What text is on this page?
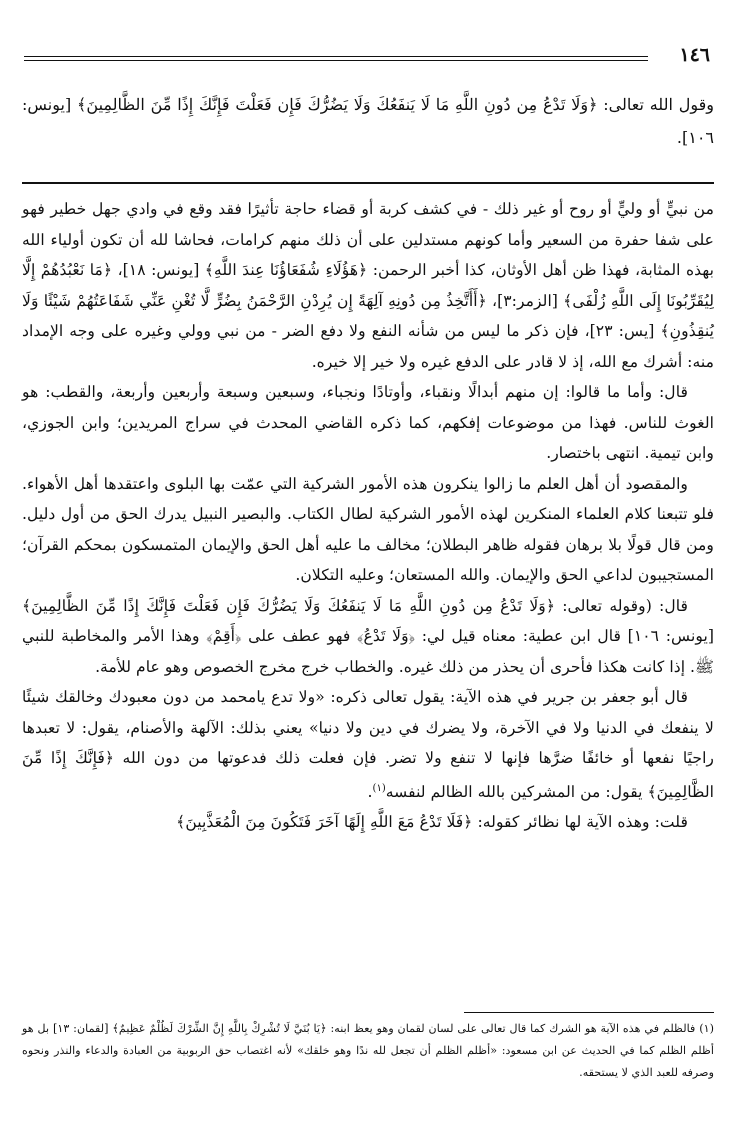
١٤٦
وقول الله تعالى: ﴿وَلَا تَدْعُ مِن دُونِ اللَّهِ مَا لَا يَنفَعُكَ وَلَا يَضُرُّكَ فَإِن فَعَلْتَ فَإِنَّكَ إِذًا مِّنَ الظَّالِمِينَ﴾ [يونس: ١٠٦].

من نبيٍّ أو وليٍّ أو روح أو غير ذلك - في كشف كربة أو قضاء حاجة تأثيرًا فقد وقع في وادي جهل خطير فهو على شفا حفرة من السعير وأما كونهم مستدلين على أن ذلك منهم كرامات، فحاشا لله أن تكون أولياء الله بهذه المثابة، فهذا ظن أهل الأوثان، كذا أخبر الرحمن: ﴿هَؤُلَاءِ شُفَعَاؤُنَا عِندَ اللَّهِ﴾ [يونس: ١٨]، ﴿مَا نَعْبُدُهُمْ إِلَّا لِيُقَرِّبُونَا إِلَى اللَّهِ زُلْفَى﴾ [الزمر:٣]، ﴿أَأَتَّخِذُ مِن دُونِهِ آلِهَةً إِن يُرِدْنِ الرَّحْمَنُ بِضُرٍّ لَّا تُغْنِ عَنِّي شَفَاعَتُهُمْ شَيْئًا وَلَا يُنقِذُونِ﴾ [يس: ٢٣]، فإن ذكر ما ليس من شأنه النفع ولا دفع الضر - من نبي وولي وغيره على وجه الإمداد منه: أشرك مع الله، إذ لا قادر على الدفع غيره ولا خير إلا خيره.

قال: وأما ما قالوا: إن منهم أبدالًا ونقباء، وأوتادًا ونجباء، وسبعين وسبعة وأربعين وأربعة، والقطب: هو الغوث للناس. فهذا من موضوعات إفكهم، كما ذكره القاضي المحدث في سراج المريدين؛ وابن الجوزي، وابن تيمية. انتهى باختصار.

والمقصود أن أهل العلم ما زالوا ينكرون هذه الأمور الشركية التي عمّت بها البلوى واعتقدها أهل الأهواء. فلو تتبعنا كلام العلماء المنكرين لهذه الأمور الشركية لطال الكتاب. والبصير النبيل يدرك الحق من أول دليل. ومن قال قولًا بلا برهان فقوله ظاهر البطلان؛ مخالف ما عليه أهل الحق والإيمان المتمسكون بمحكم القرآن؛ المستجيبون لداعي الحق والإيمان. والله المستعان؛ وعليه التكلان.

قال: (وقوله تعالى: ﴿وَلَا تَدْعُ مِن دُونِ اللَّهِ مَا لَا يَنفَعُكَ وَلَا يَضُرُّكَ فَإِن فَعَلْتَ فَإِنَّكَ إِذًا مِّنَ الظَّالِمِينَ﴾ [يونس: ١٠٦] قال ابن عطية: معناه قيل لي: ﴿وَلَا تَدْعُ﴾ فهو عطف على ﴿أَقِمْ﴾ وهذا الأمر والمخاطبة للنبي ﷺ. إذا كانت هكذا فأحرى أن يحذر من ذلك غيره. والخطاب خرج مخرج الخصوص وهو عام للأمة.

قال أبو جعفر بن جرير في هذه الآية: يقول تعالى ذكره: «ولا تدع يامحمد من دون معبودك وخالقك شيئًا لا ينفعك في الدنيا ولا في الآخرة، ولا يضرك في دين ولا دنيا» يعني بذلك: الآلهة والأصنام، يقول: لا تعبدها راجيًا نفعها أو خائفًا ضرَّها فإنها لا تنفع ولا تضر. فإن فعلت ذلك فدعوتها من دون الله ﴿فَإِنَّكَ إِذًا مِّنَ الظَّالِمِينَ﴾ يقول: من المشركين بالله الظالم لنفسه$^{(١)}$.

قلت: وهذه الآية لها نظائر كقوله: ﴿فَلَا تَدْعُ مَعَ اللَّهِ إِلَهًا آخَرَ فَتَكُونَ مِنَ الْمُعَذَّبِينَ﴾

(١) فالظلم في هذه الآية هو الشرك كما قال تعالى على لسان لقمان وهو يعظ ابنه: ﴿يَا بُنَيَّ لَا تُشْرِكْ بِاللَّهِ إِنَّ الشِّرْكَ لَظُلْمٌ عَظِيمٌ﴾ [لقمان: ١٣] بل هو أظلم الظلم كما في الحديث عن ابن مسعود: «أظلم الظلم أن تجعل لله ندًا وهو خلقك» لأنه اغتصاب حق الربوبية من العبادة والدعاء والنذر ونحوه وصرفه للعبد الذي لا يستحقه.
